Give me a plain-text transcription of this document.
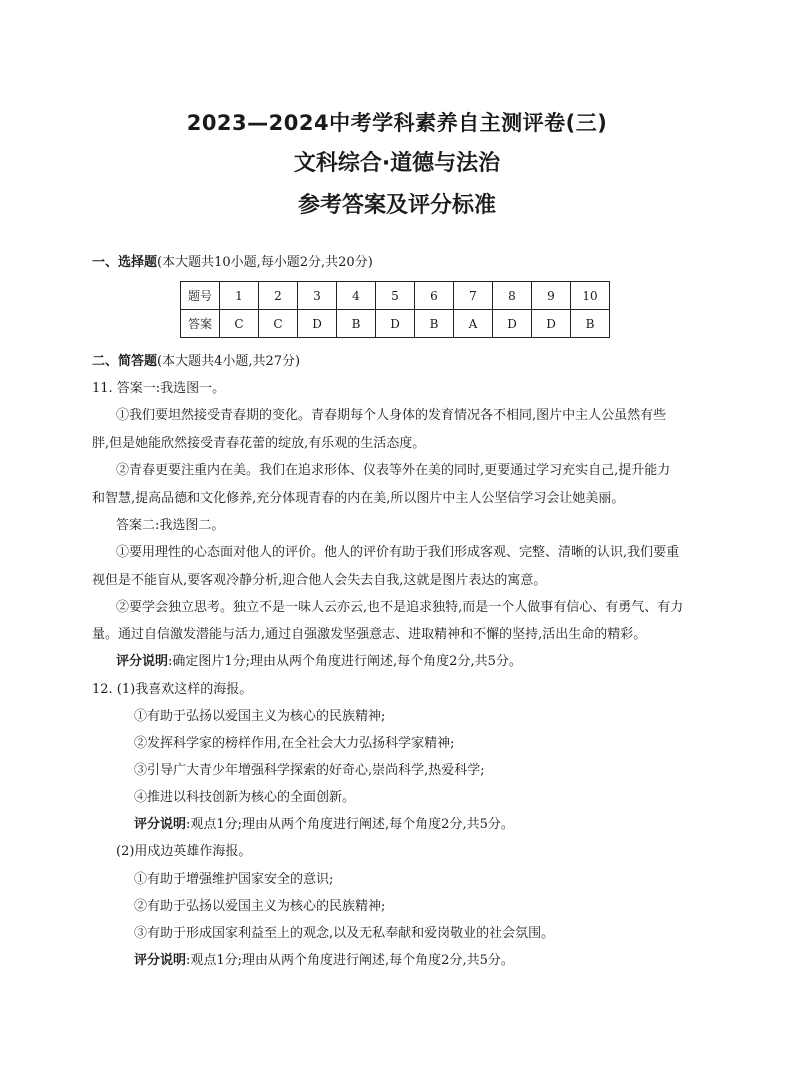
2023—2024中考学科素养自主测评卷(三)
文科综合·道德与法治
参考答案及评分标准
一、选择题(本大题共10小题,每小题2分,共20分)
题号	1	2	3	4	5	6	7	8	9	10
答案	C	C	D	B	D	B	A	D	D	B
二、简答题(本大题共4小题,共27分)
11. 答案一:我选图一。
①我们要坦然接受青春期的变化。青春期每个人身体的发育情况各不相同,图片中主人公虽然有些
胖,但是她能欣然接受青春花蕾的绽放,有乐观的生活态度。
②青春更要注重内在美。我们在追求形体、仪表等外在美的同时,更要通过学习充实自己,提升能力
和智慧,提高品德和文化修养,充分体现青春的内在美,所以图片中主人公坚信学习会让她美丽。
答案二:我选图二。
①要用理性的心态面对他人的评价。他人的评价有助于我们形成客观、完整、清晰的认识,我们要重
视但是不能盲从,要客观冷静分析,迎合他人会失去自我,这就是图片表达的寓意。
②要学会独立思考。独立不是一味人云亦云,也不是追求独特,而是一个人做事有信心、有勇气、有力
量。通过自信激发潜能与活力,通过自强激发坚强意志、进取精神和不懈的坚持,活出生命的精彩。
评分说明:确定图片1分;理由从两个角度进行阐述,每个角度2分,共5分。
12. (1)我喜欢这样的海报。
①有助于弘扬以爱国主义为核心的民族精神;
②发挥科学家的榜样作用,在全社会大力弘扬科学家精神;
③引导广大青少年增强科学探索的好奇心,崇尚科学,热爱科学;
④推进以科技创新为核心的全面创新。
评分说明:观点1分;理由从两个角度进行阐述,每个角度2分,共5分。
(2)用戍边英雄作海报。
①有助于增强维护国家安全的意识;
②有助于弘扬以爱国主义为核心的民族精神;
③有助于形成国家利益至上的观念,以及无私奉献和爱岗敬业的社会氛围。
评分说明:观点1分;理由从两个角度进行阐述,每个角度2分,共5分。
